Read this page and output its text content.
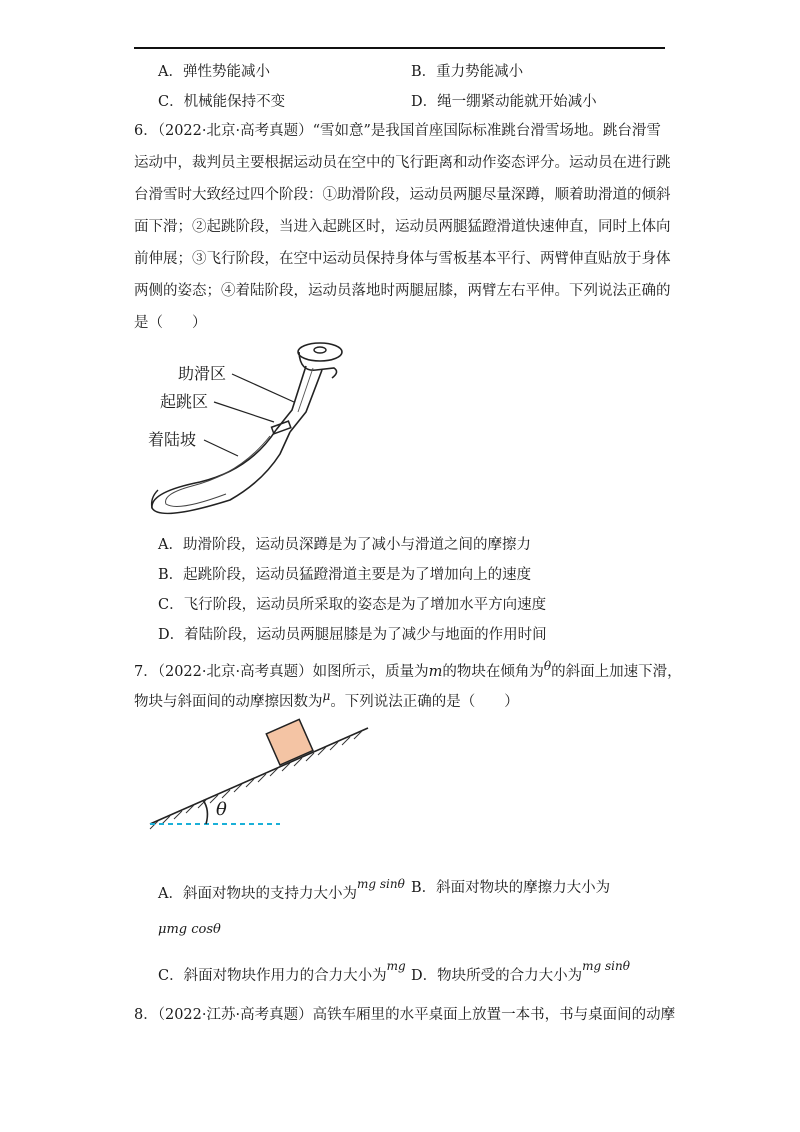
A．弹性势能减小	B．重力势能减小
C．机械能保持不变	D．绳一绷紧动能就开始减小
6．（2022·北京·高考真题）“雪如意”是我国首座国际标准跳台滑雪场地。跳台滑雪
运动中，裁判员主要根据运动员在空中的飞行距离和动作姿态评分。运动员在进行跳
台滑雪时大致经过四个阶段：①助滑阶段，运动员两腿尽量深蹲，顺着助滑道的倾斜
面下滑；②起跳阶段，当进入起跳区时，运动员两腿猛蹬滑道快速伸直，同时上体向
前伸展；③飞行阶段，在空中运动员保持身体与雪板基本平行、两臂伸直贴放于身体
两侧的姿态；④着陆阶段，运动员落地时两腿屈膝，两臂左右平伸。下列说法正确的
是（　　）
助滑区
起跳区
着陆坡
A．助滑阶段，运动员深蹲是为了减小与滑道之间的摩擦力
B．起跳阶段，运动员猛蹬滑道主要是为了增加向上的速度
C．飞行阶段，运动员所采取的姿态是为了增加水平方向速度
D．着陆阶段，运动员两腿屈膝是为了减少与地面的作用时间
7．（2022·北京·高考真题）如图所示，质量为m的物块在倾角为$^\theta$的斜面上加速下滑，
物块与斜面间的动摩擦因数为$^\mu$。下列说法正确的是（　　）
θ
A．斜面对物块的支持力大小为$^{mg sin\theta}$ B．斜面对物块的摩擦力大小为
μmg cosθ
C．斜面对物块作用力的合力大小为$^{mg}$
D．物块所受的合力大小为$^{mg sin\theta}$
8．（2022·江苏·高考真题）高铁车厢里的水平桌面上放置一本书，书与桌面间的动摩
